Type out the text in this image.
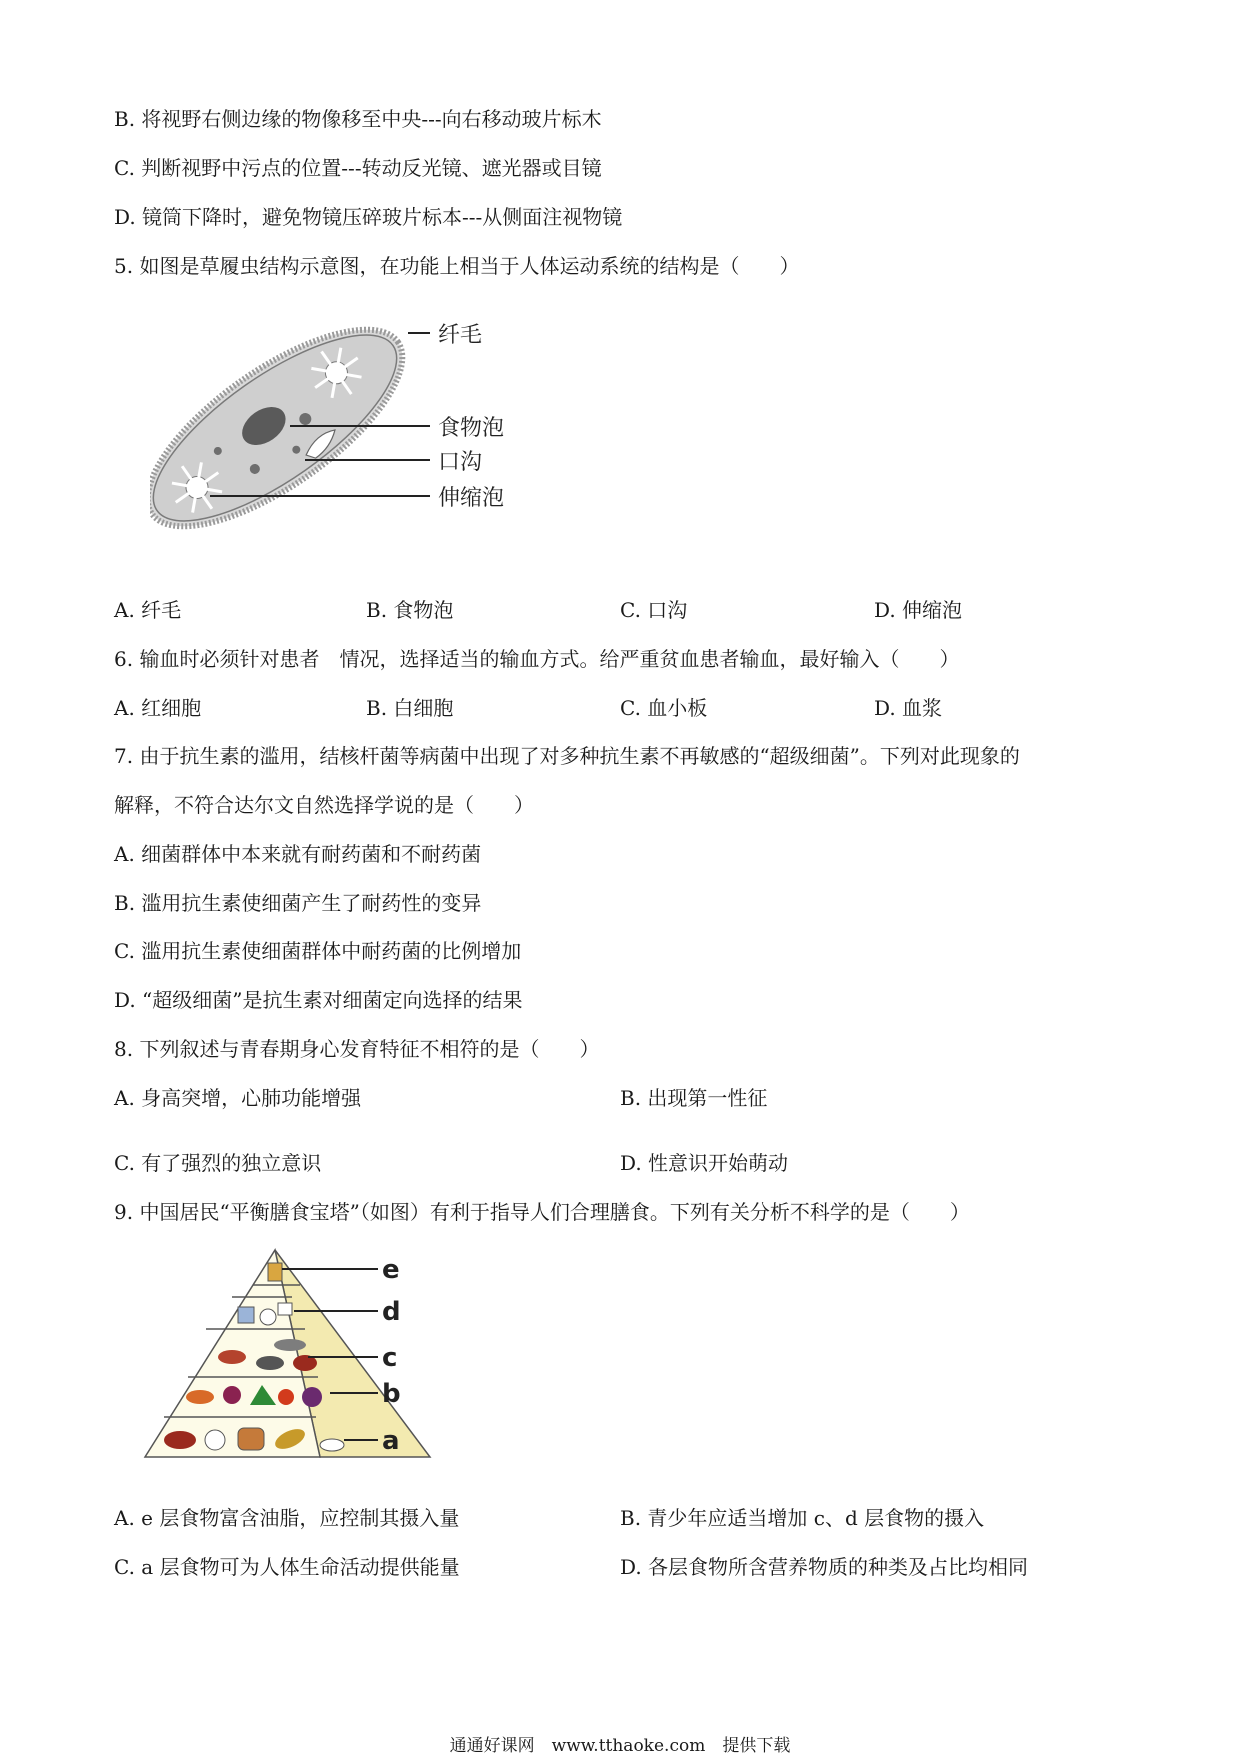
B. 将视野右侧边缘的物像移至中央---向右移动玻片标木
C. 判断视野中污点的位置---转动反光镜、遮光器或目镜
D. 镜筒下降时，避免物镜压碎玻片标本---从侧面注视物镜
5. 如图是草履虫结构示意图，在功能上相当于人体运动系统的结构是（　　）
纤毛
食物泡
口沟
伸缩泡
A. 纤毛	B. 食物泡	C. 口沟	D. 伸缩泡
6. 输血时必须针对患者　情况，选择适当的输血方式。给严重贫血患者输血，最好输入（　　）
A. 红细胞	B. 白细胞	C. 血小板	D. 血浆
7. 由于抗生素的滥用，结核杆菌等病菌中出现了对多种抗生素不再敏感的“超级细菌”。下列对此现象的
解释，不符合达尔文自然选择学说的是（　　）
A. 细菌群体中本来就有耐药菌和不耐药菌
B. 滥用抗生素使细菌产生了耐药性的变异
C. 滥用抗生素使细菌群体中耐药菌的比例增加
D. “超级细菌”是抗生素对细菌定向选择的结果
8. 下列叙述与青春期身心发育特征不相符的是（　　）
A. 身高突增，心肺功能增强	B. 出现第一性征
C. 有了强烈的独立意识	D. 性意识开始萌动
9. 中国居民“平衡膳食宝塔”（如图）有利于指导人们合理膳食。下列有关分析不科学的是（　　）
e
d
c
b
a
A. e 层食物富含油脂，应控制其摄入量	B. 青少年应适当增加 c、d 层食物的摄入
C. a 层食物可为人体生命活动提供能量	D. 各层食物所含营养物质的种类及占比均相同
通通好课网　www.tthaoke.com　提供下载
